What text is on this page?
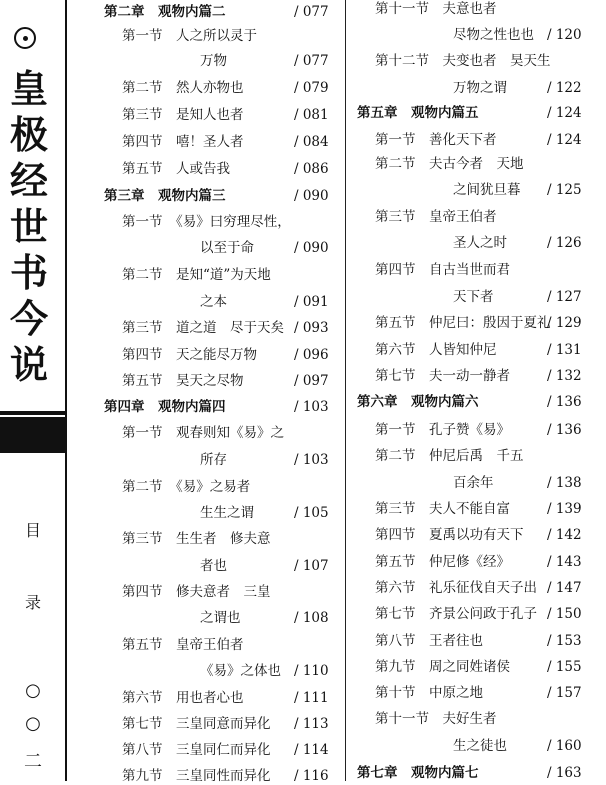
皇
极
经
世
书
今
说
目
录
○
○
二
第二章　观物内篇二	/ 077
第一节　人之所以灵于
万物	/ 077
第二节　然人亦物也	/ 079
第三节　是知人也者	/ 081
第四节　嘻！圣人者	/ 084
第五节　人或告我	/ 086
第三章　观物内篇三	/ 090
第一节　《易》曰穷理尽性，
以至于命	/ 090
第二节　是知“道”为天地
之本	/ 091
第三节　道之道　尽于天矣 / 093
第四节　天之能尽万物	/ 096
第五节　昊天之尽物	/ 097
第四章　观物内篇四	/ 103
第一节　观春则知《易》之
所存	/ 103
第二节　《易》之易者
生生之谓	/ 105
第三节　生生者　修夫意
者也	/ 107
第四节　修夫意者　三皇
之谓也	/ 108
第五节　皇帝王伯者
《易》之体也 / 110
第六节　用也者心也	/ 111
第七节　三皇同意而异化 / 113
第八节　三皇同仁而异化 / 114
第九节　三皇同性而异化 / 116
第十一节　夫意也者
尽物之性也也 / 120
第十二节　夫变也者　昊天生
万物之谓	/ 122
第五章　观物内篇五	/ 124
第一节　善化天下者	/ 124
第二节　夫古今者　天地
之间犹旦暮 / 125
第三节　皇帝王伯者
圣人之时	/ 126
第四节　自古当世而君
天下者	/ 127
第五节　仲尼曰：殷因于夏礼
/ 129
第六节　人皆知仲尼	/ 131
第七节　夫一动一静者	/ 132
第六章　观物内篇六	/ 136
第一节　孔子赞《易》	/ 136
第二节　仲尼后禹　千五
百余年	/ 138
第三节　夫人不能自富	/ 139
第四节　夏禹以功有天下 / 142
第五节　仲尼修《经》	/ 143
第六节　礼乐征伐自天子出 / 147
第七节　齐景公问政于孔子 / 150
第八节　王者往也	/ 153
第九节　周之同姓诸侯	/ 155
第十节　中原之地	/ 157
第十一节　夫好生者
生之徒也	/ 160
第七章　观物内篇七	/ 163
